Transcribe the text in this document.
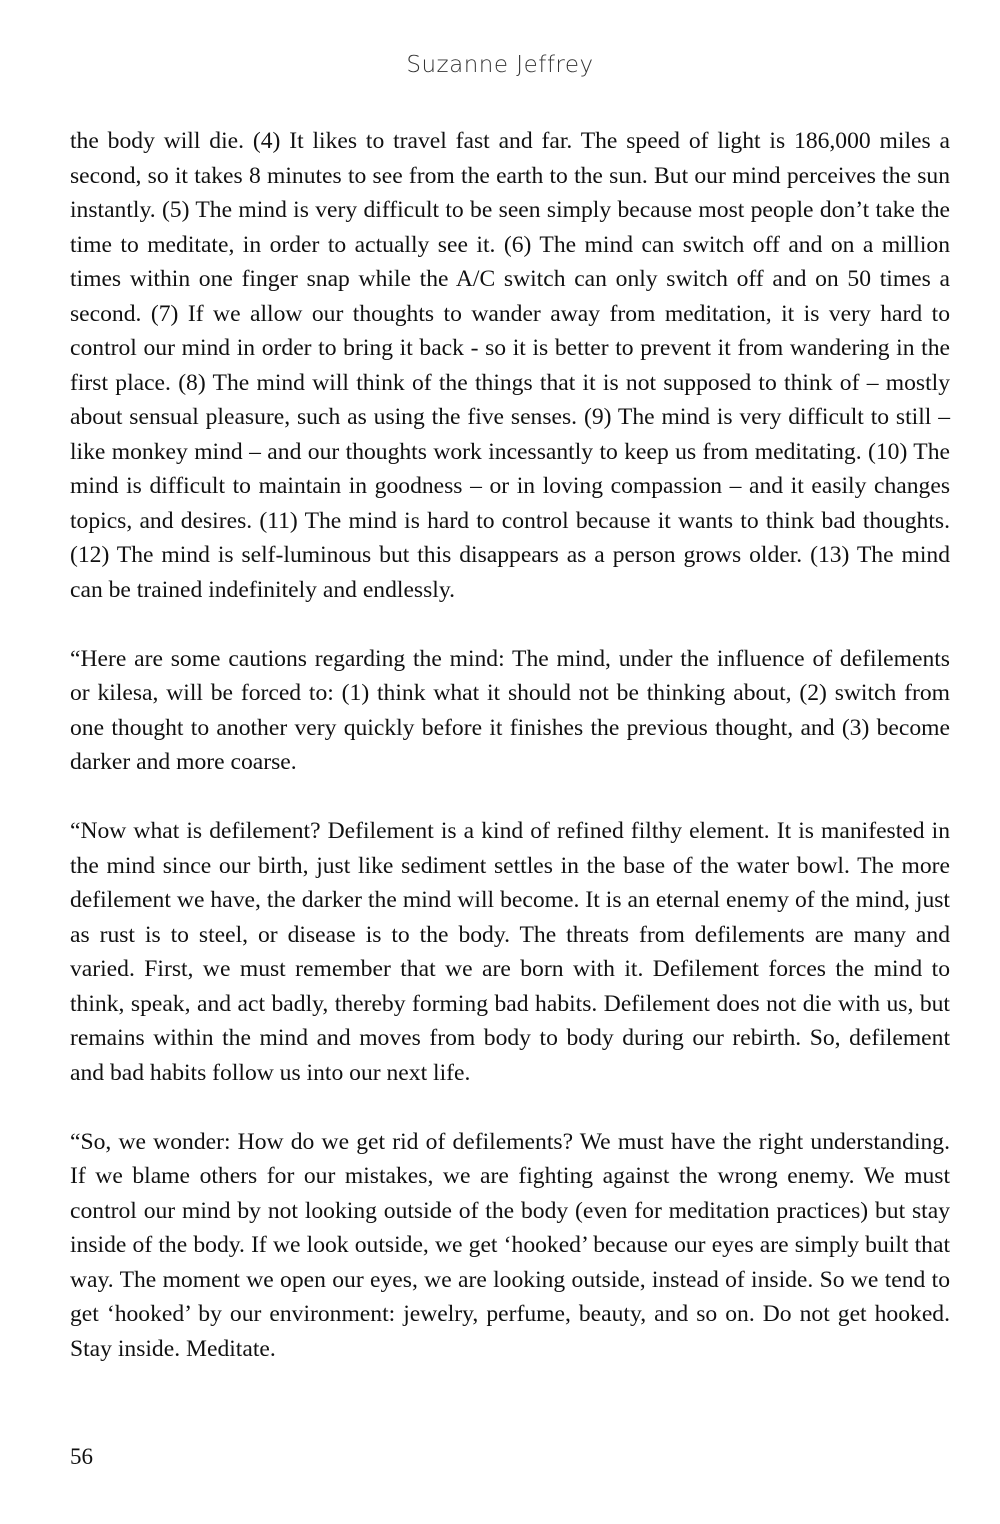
Suzanne Jeffrey

the body will die. (4) It likes to travel fast and far. The speed of light is 186,000 miles a second, so it takes 8 minutes to see from the earth to the sun. But our mind perceives the sun instantly. (5) The mind is very difficult to be seen simply because most people don’t take the time to meditate, in order to actually see it. (6) The mind can switch off and on a million times within one finger snap while the A/C switch can only switch off and on 50 times a second. (7) If we allow our thoughts to wander away from meditation, it is very hard to control our mind in order to bring it back - so it is better to prevent it from wandering in the first place. (8) The mind will think of the things that it is not supposed to think of – mostly about sensual pleasure, such as using the five senses. (9) The mind is very difficult to still – like monkey mind – and our thoughts work incessantly to keep us from meditating. (10) The mind is difficult to maintain in goodness – or in loving compassion – and it easily changes topics, and desires. (11) The mind is hard to control because it wants to think bad thoughts. (12) The mind is self-luminous but this disappears as a person grows older. (13) The mind can be trained indefinitely and endlessly.

“Here are some cautions regarding the mind: The mind, under the influence of defilements or kilesa, will be forced to: (1) think what it should not be thinking about, (2) switch from one thought to another very quickly before it finishes the previous thought, and (3) become darker and more coarse.

“Now what is defilement? Defilement is a kind of refined filthy element. It is manifested in the mind since our birth, just like sediment settles in the base of the water bowl. The more defilement we have, the darker the mind will become. It is an eternal enemy of the mind, just as rust is to steel, or disease is to the body. The threats from defilements are many and varied. First, we must remember that we are born with it. Defilement forces the mind to think, speak, and act badly, thereby forming bad habits. Defilement does not die with us, but remains within the mind and moves from body to body during our rebirth. So, defilement and bad habits follow us into our next life.

“So, we wonder: How do we get rid of defilements? We must have the right understanding. If we blame others for our mistakes, we are fighting against the wrong enemy. We must control our mind by not looking outside of the body (even for meditation practices) but stay inside of the body. If we look outside, we get ‘hooked’ because our eyes are simply built that way. The moment we open our eyes, we are looking outside, instead of inside. So we tend to get ‘hooked’ by our environment: jewelry, perfume, beauty, and so on. Do not get hooked. Stay inside. Meditate.

56
